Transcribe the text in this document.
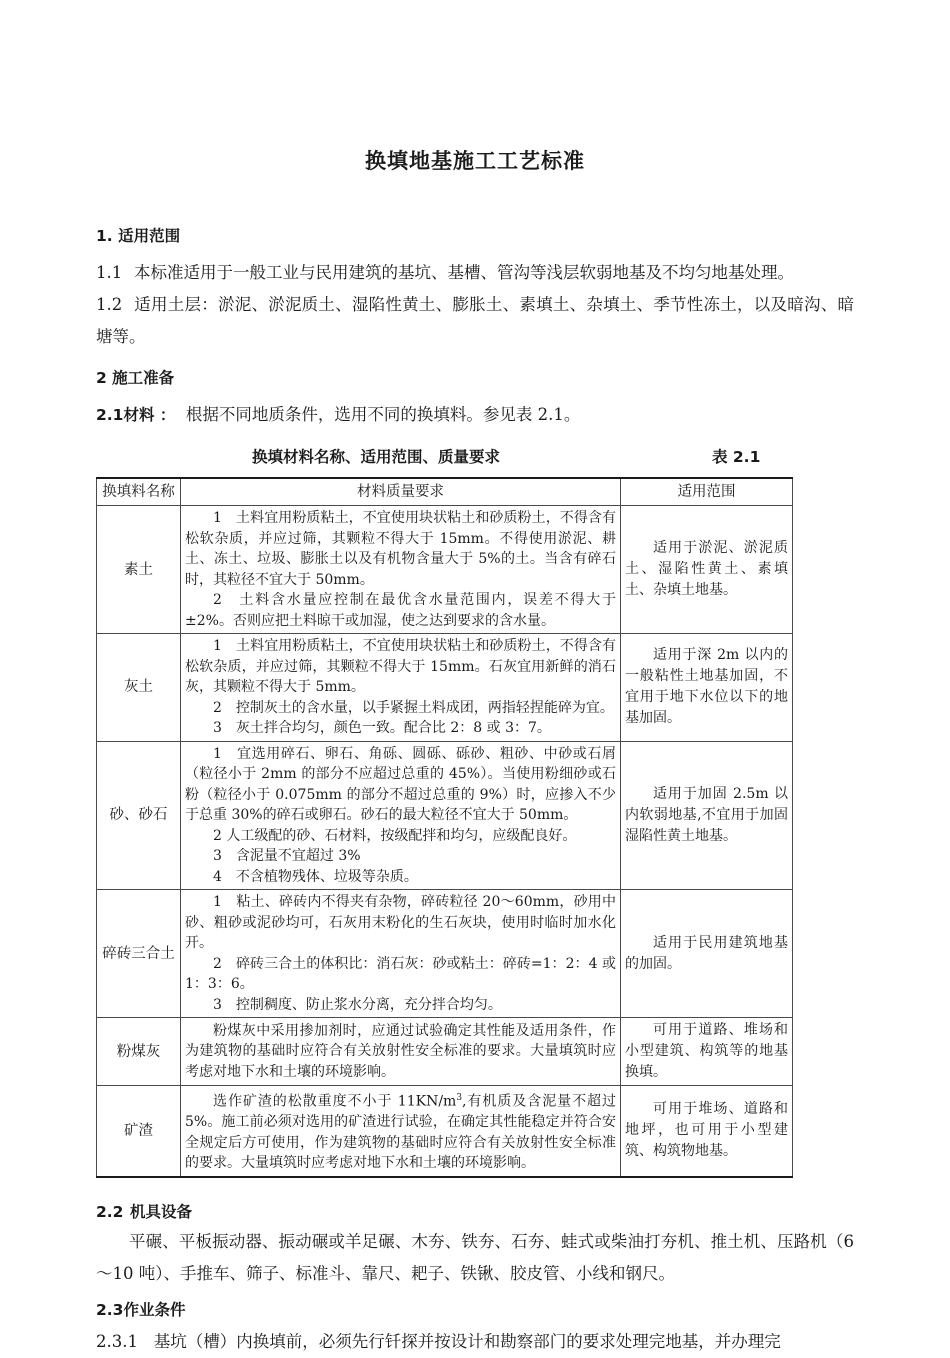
换填地基施工工艺标准
1. 适用范围

1.1 本标准适用于一般工业与民用建筑的基坑、基槽、管沟等浅层软弱地基及不均匀地基处理。

1.2 适用土层：淤泥、淤泥质土、湿陷性黄土、膨胀土、素填土、杂填土、季节性冻土，以及暗沟、暗塘等。

2 施工准备

2.1材料 ： 根据不同地质条件，选用不同的换填料。参见表 2.1。

换填材料名称、适用范围、质量要求	表 2.1
换填料名称	材料质量要求	适用范围
素土	1　土料宜用粉质粘土，不宜使用块状粘土和砂质粉土，不得含有松软杂质，并应过筛，其颗粒不得大于 15mm。不得使用淤泥、耕土、冻土、垃圾、膨胀土以及有机物含量大于 5%的土。当含有碎石时，其粒径不宜大于 50mm。

2　土料含水量应控制在最优含水量范围内，误差不得大于±2%。否则应把土料晾干或加湿，使之达到要求的含水量。	适用于淤泥、淤泥质土、湿陷性黄土、素填土、杂填土地基。

灰土	1　土料宜用粉质粘土，不宜使用块状粘土和砂质粉土，不得含有松软杂质，并应过筛，其颗粒不得大于 15mm。石灰宜用新鲜的消石灰，其颗粒不得大于 5mm。

2　控制灰土的含水量，以手紧握土料成团，两指轻捏能碎为宜。

3　灰土拌合均匀，颜色一致。配合比 2：8 或 3：7。	适用于深 2m 以内的一般粘性土地基加固，不宜用于地下水位以下的地基加固。

砂、砂石	1　宜选用碎石、卵石、角砾、圆砾、砾砂、粗砂、中砂或石屑（粒径小于 2mm 的部分不应超过总重的 45%）。当使用粉细砂或石粉（粒径小于 0.075mm 的部分不超过总重的 9%）时，应掺入不少于总重 30%的碎石或卵石。砂石的最大粒径不宜大于 50mm。

2 人工级配的砂、石材料，按级配拌和均匀，应级配良好。

3　含泥量不宜超过 3%

4　不含植物残体、垃圾等杂质。	适用于加固 2.5m 以内软弱地基,不宜用于加固湿陷性黄土地基。

碎砖三合土	1　粘土、碎砖内不得夹有杂物，碎砖粒径 20～60mm，砂用中砂、粗砂或泥砂均可，石灰用末粉化的生石灰块，使用时临时加水化开。

2　碎砖三合土的体积比：消石灰：砂或粘土：碎砖=1：2：4 或 1：3：6。

3　控制稠度、防止浆水分离，充分拌合均匀。	适用于民用建筑地基的加固。

粉煤灰	粉煤灰中采用掺加剂时，应通过试验确定其性能及适用条件，作为建筑物的基础时应符合有关放射性安全标准的要求。大量填筑时应考虑对地下水和土壤的环境影响。	可用于道路、堆场和小型建筑、构筑等的地基换填。

矿渣	选作矿渣的松散重度不小于 $11KN/m^3$,有机质及含泥量不超过 5%。施工前必须对选用的矿渣进行试验，在确定其性能稳定并符合安全规定后方可使用，作为建筑物的基础时应符合有关放射性安全标准的要求。大量填筑时应考虑对地下水和土壤的环境影响。	可用于堆场、道路和地坪，也可用于小型建筑、构筑物地基。

2.2 机具设备

平碾、平板振动器、振动碾或羊足碾、木夯、铁夯、石夯、蛙式或柴油打夯机、推土机、压路机（6～10 吨）、手推车、筛子、标准斗、靠尺、耙子、铁锹、胶皮管、小线和钢尺。

2.3作业条件

2.3.1 基坑（槽）内换填前，必须先行钎探并按设计和勘察部门的要求处理完地基，并办理完
